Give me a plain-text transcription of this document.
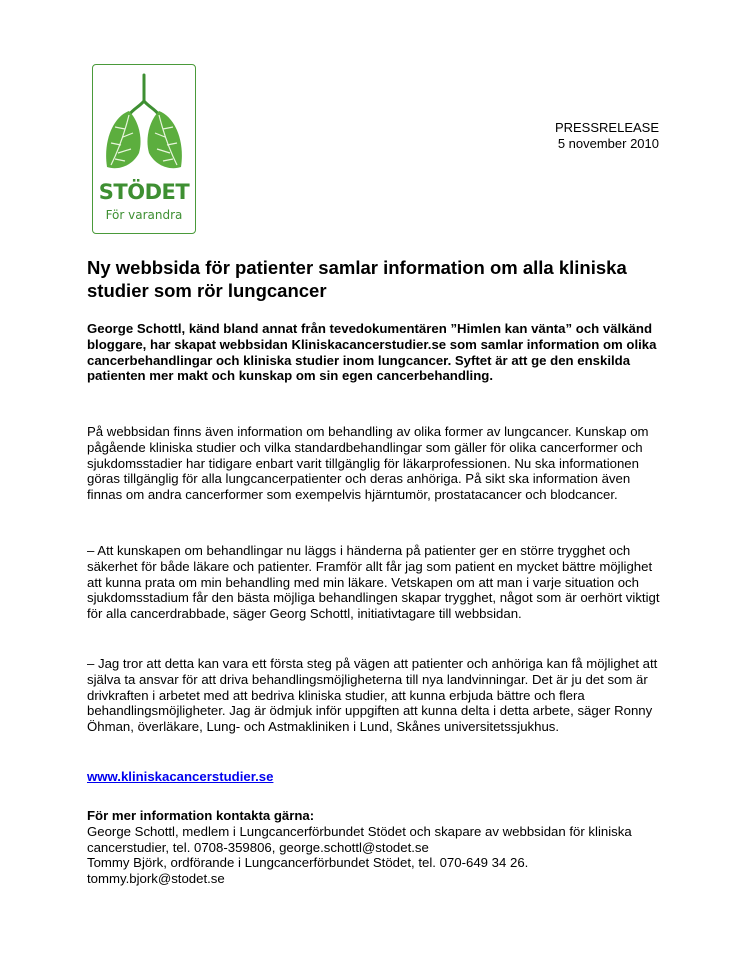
STÖDET
För varandra
PRESSRELEASE
5 november 2010
Ny webbsida för patienter samlar information om alla kliniska studier som rör lungcancer

George Schottl, känd bland annat från tevedokumentären ”Himlen kan vänta” och välkänd bloggare, har skapat webbsidan Kliniskacancerstudier.se som samlar information om olika cancerbehandlingar och kliniska studier inom lungcancer. Syftet är att ge den enskilda patienten mer makt och kunskap om sin egen cancerbehandling.

På webbsidan finns även information om behandling av olika former av lungcancer. Kunskap om pågående kliniska studier och vilka standardbehandlingar som gäller för olika cancerformer och sjukdomsstadier har tidigare enbart varit tillgänglig för läkarprofessionen. Nu ska informationen göras tillgänglig för alla lungcancerpatienter och deras anhöriga. På sikt ska information även finnas om andra cancerformer som exempelvis hjärntumör, prostatacancer och blodcancer.

– Att kunskapen om behandlingar nu läggs i händerna på patienter ger en större trygghet och säkerhet för både läkare och patienter. Framför allt får jag som patient en mycket bättre möjlighet att kunna prata om min behandling med min läkare. Vetskapen om att man i varje situation och sjukdomsstadium får den bästa möjliga behandlingen skapar trygghet, något som är oerhört viktigt för alla cancerdrabbade, säger Georg Schottl, initiativtagare till webbsidan.

– Jag tror att detta kan vara ett första steg på vägen att patienter och anhöriga kan få möjlighet att själva ta ansvar för att driva behandlingsmöjligheterna till nya landvinningar. Det är ju det som är drivkraften i arbetet med att bedriva kliniska studier, att kunna erbjuda bättre och flera behandlingsmöjligheter. Jag är ödmjuk inför uppgiften att kunna delta i detta arbete, säger Ronny Öhman, överläkare, Lung- och Astmakliniken i Lund, Skånes universitetssjukhus.

www.kliniskacancerstudier.se
För mer information kontakta gärna:
George Schottl, medlem i Lungcancerförbundet Stödet och skapare av webbsidan för kliniska cancerstudier, tel. 0708-359806, george.schottl@stodet.se
Tommy Björk, ordförande i Lungcancerförbundet Stödet, tel. 070-649 34 26. tommy.bjork@stodet.se
